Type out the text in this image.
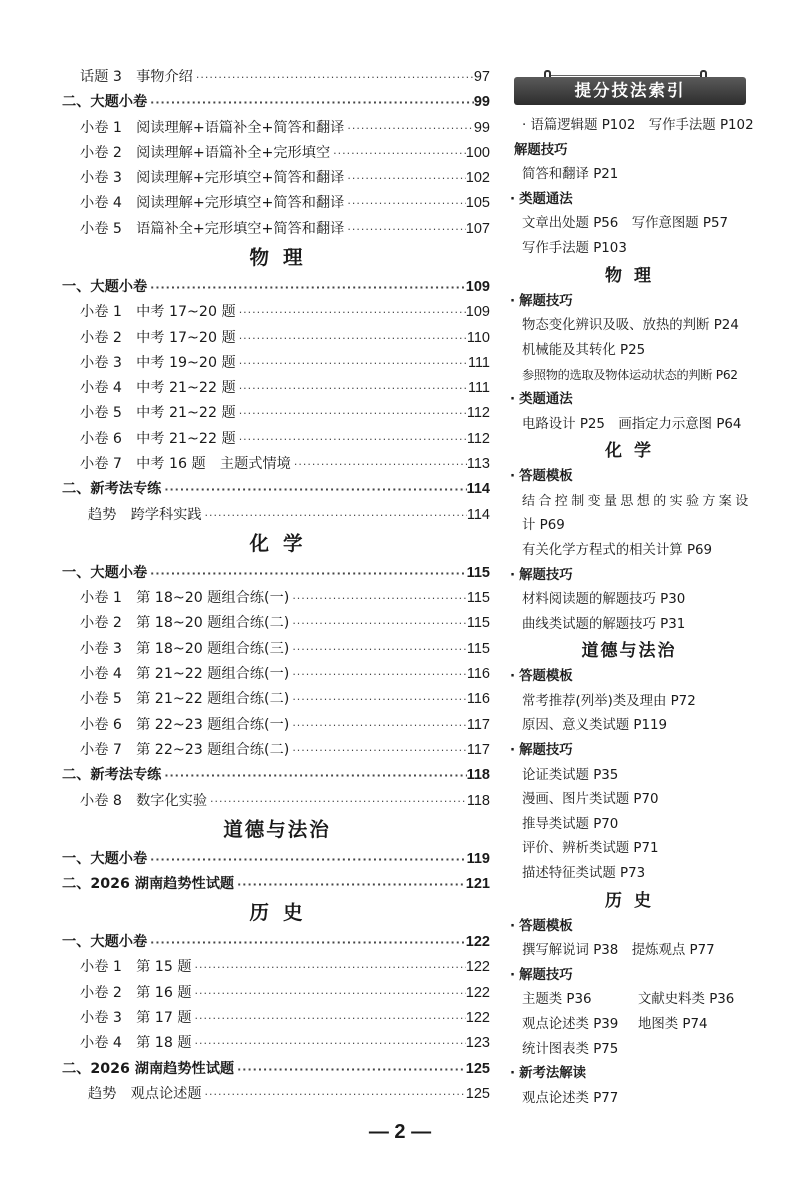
话题 3　事物介绍 ·····	97
二、大题小卷 ·····	99
小卷 1　阅读理解+语篇补全+简答和翻译 ·····	99
小卷 2　阅读理解+语篇补全+完形填空 ·····	100
小卷 3　阅读理解+完形填空+简答和翻译 ·····	102
小卷 4　阅读理解+完形填空+简答和翻译 ·····	105
小卷 5　语篇补全+完形填空+简答和翻译 ·····	107
物理
一、大题小卷 ·····	109
小卷 1　中考 17~20 题 ·····	109
小卷 2　中考 17~20 题 ·····	110
小卷 3　中考 19~20 题 ·····	111
小卷 4　中考 21~22 题 ·····	111
小卷 5　中考 21~22 题 ·····	112
小卷 6　中考 21~22 题 ·····	112
小卷 7　中考 16 题　主题式情境 ·····	113
二、新考法专练 ·····	114
趋势　跨学科实践 ·····	114
化学
一、大题小卷 ·····	115
小卷 1　第 18~20 题组合练(一) ·····	115
小卷 2　第 18~20 题组合练(二) ·····	115
小卷 3　第 18~20 题组合练(三) ·····	115
小卷 4　第 21~22 题组合练(一) ·····	116
小卷 5　第 21~22 题组合练(二) ·····	116
小卷 6　第 22~23 题组合练(一) ·····	117
小卷 7　第 22~23 题组合练(二) ·····	117
二、新考法专练 ·····	118
小卷 8　数字化实验 ·····	118
道德与法治
一、大题小卷 ·····	119
二、2026 湖南趋势性试题 ·····	121
历史
一、大题小卷 ·····	122
小卷 1　第 15 题 ·····	122
小卷 2　第 16 题 ·····	122
小卷 3　第 17 题 ·····	122
小卷 4　第 18 题 ·····	123
二、2026 湖南趋势性试题 ·····	125
趋势　观点论述题 ·····	125
提分技法索引
· 语篇逻辑题 P102　写作手法题 P102
解题技巧
简答和翻译 P21
· 类题通法
文章出处题 P56　写作意图题 P57
写作手法题 P103
物理
· 解题技巧
物态变化辨识及吸、放热的判断 P24
机械能及其转化 P25
参照物的选取及物体运动状态的判断 P62
· 类题通法
电路设计 P25　画指定力示意图 P64
化学
· 答题模板
结合控制变量思想的实验方案设
计 P69
有关化学方程式的相关计算 P69
· 解题技巧
材料阅读题的解题技巧 P30
曲线类试题的解题技巧 P31
道德与法治
· 答题模板
常考推荐(列举)类及理由 P72
原因、意义类试题 P119
· 解题技巧
论证类试题 P35
漫画、图片类试题 P70
推导类试题 P70
评价、辨析类试题 P71
描述特征类试题 P73
历史
· 答题模板
撰写解说词 P38　提炼观点 P77
· 解题技巧
主题类 P36	文献史料类 P36
观点论述类 P39	地图类 P74
统计图表类 P75
· 新考法解读
观点论述类 P77
— 2 —
